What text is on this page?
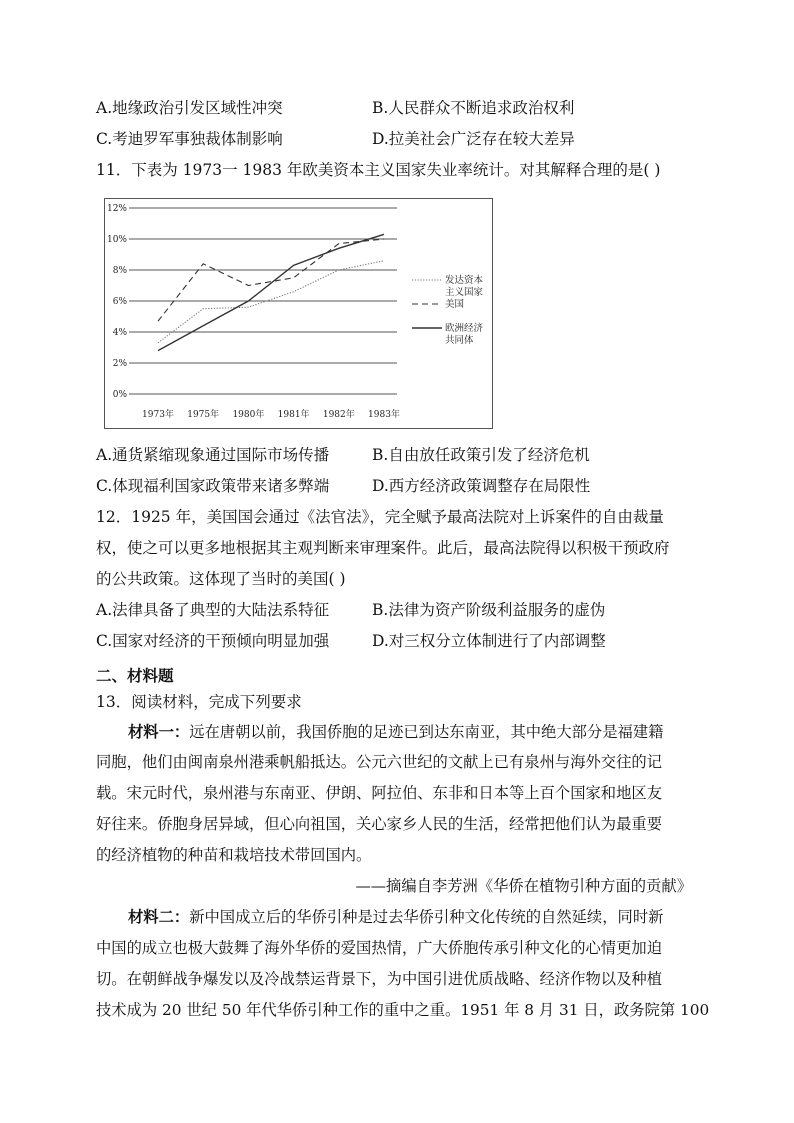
A.地缘政治引发区域性冲突	B.人民群众不断追求政治权利
C.考迪罗军事独裁体制影响	D.拉美社会广泛存在较大差异
11．下表为 1973一 1983 年欧美资本主义国家失业率统计。对其解释合理的是( )
0%
2%
4%
6%
8%
10%
12%
1973年 1975年 1980年 1981年 1982年 1983年
发达资本
主义国家
美国
欧洲经济
共同体
A.通货紧缩现象通过国际市场传播	B.自由放任政策引发了经济危机
C.体现福利国家政策带来诸多弊端	D.西方经济政策调整存在局限性
12．1925 年，美国国会通过《法官法》，完全赋予最高法院对上诉案件的自由裁量
权，使之可以更多地根据其主观判断来审理案件。此后，最高法院得以积极干预政府
的公共政策。这体现了当时的美国( )
A.法律具备了典型的大陆法系特征	B.法律为资产阶级利益服务的虚伪
C.国家对经济的干预倾向明显加强	D.对三权分立体制进行了内部调整
二、材料题
13．阅读材料，完成下列要求
材料一：远在唐朝以前，我国侨胞的足迹已到达东南亚，其中绝大部分是福建籍
同胞，他们由闽南泉州港乘帆船抵达。公元六世纪的文献上已有泉州与海外交往的记
载。宋元时代，泉州港与东南亚、伊朗、阿拉伯、东非和日本等上百个国家和地区友
好往来。侨胞身居异域，但心向祖国，关心家乡人民的生活，经常把他们认为最重要
的经济植物的种苗和栽培技术带回国内。
——摘编自李芳洲《华侨在植物引种方面的贡献》
材料二：新中国成立后的华侨引种是过去华侨引种文化传统的自然延续，同时新
中国的成立也极大鼓舞了海外华侨的爱国热情，广大侨胞传承引种文化的心情更加迫
切。在朝鲜战争爆发以及冷战禁运背景下，为中国引进优质战略、经济作物以及种植
技术成为 20 世纪 50 年代华侨引种工作的重中之重。1951 年 8 月 31 日，政务院第 100
